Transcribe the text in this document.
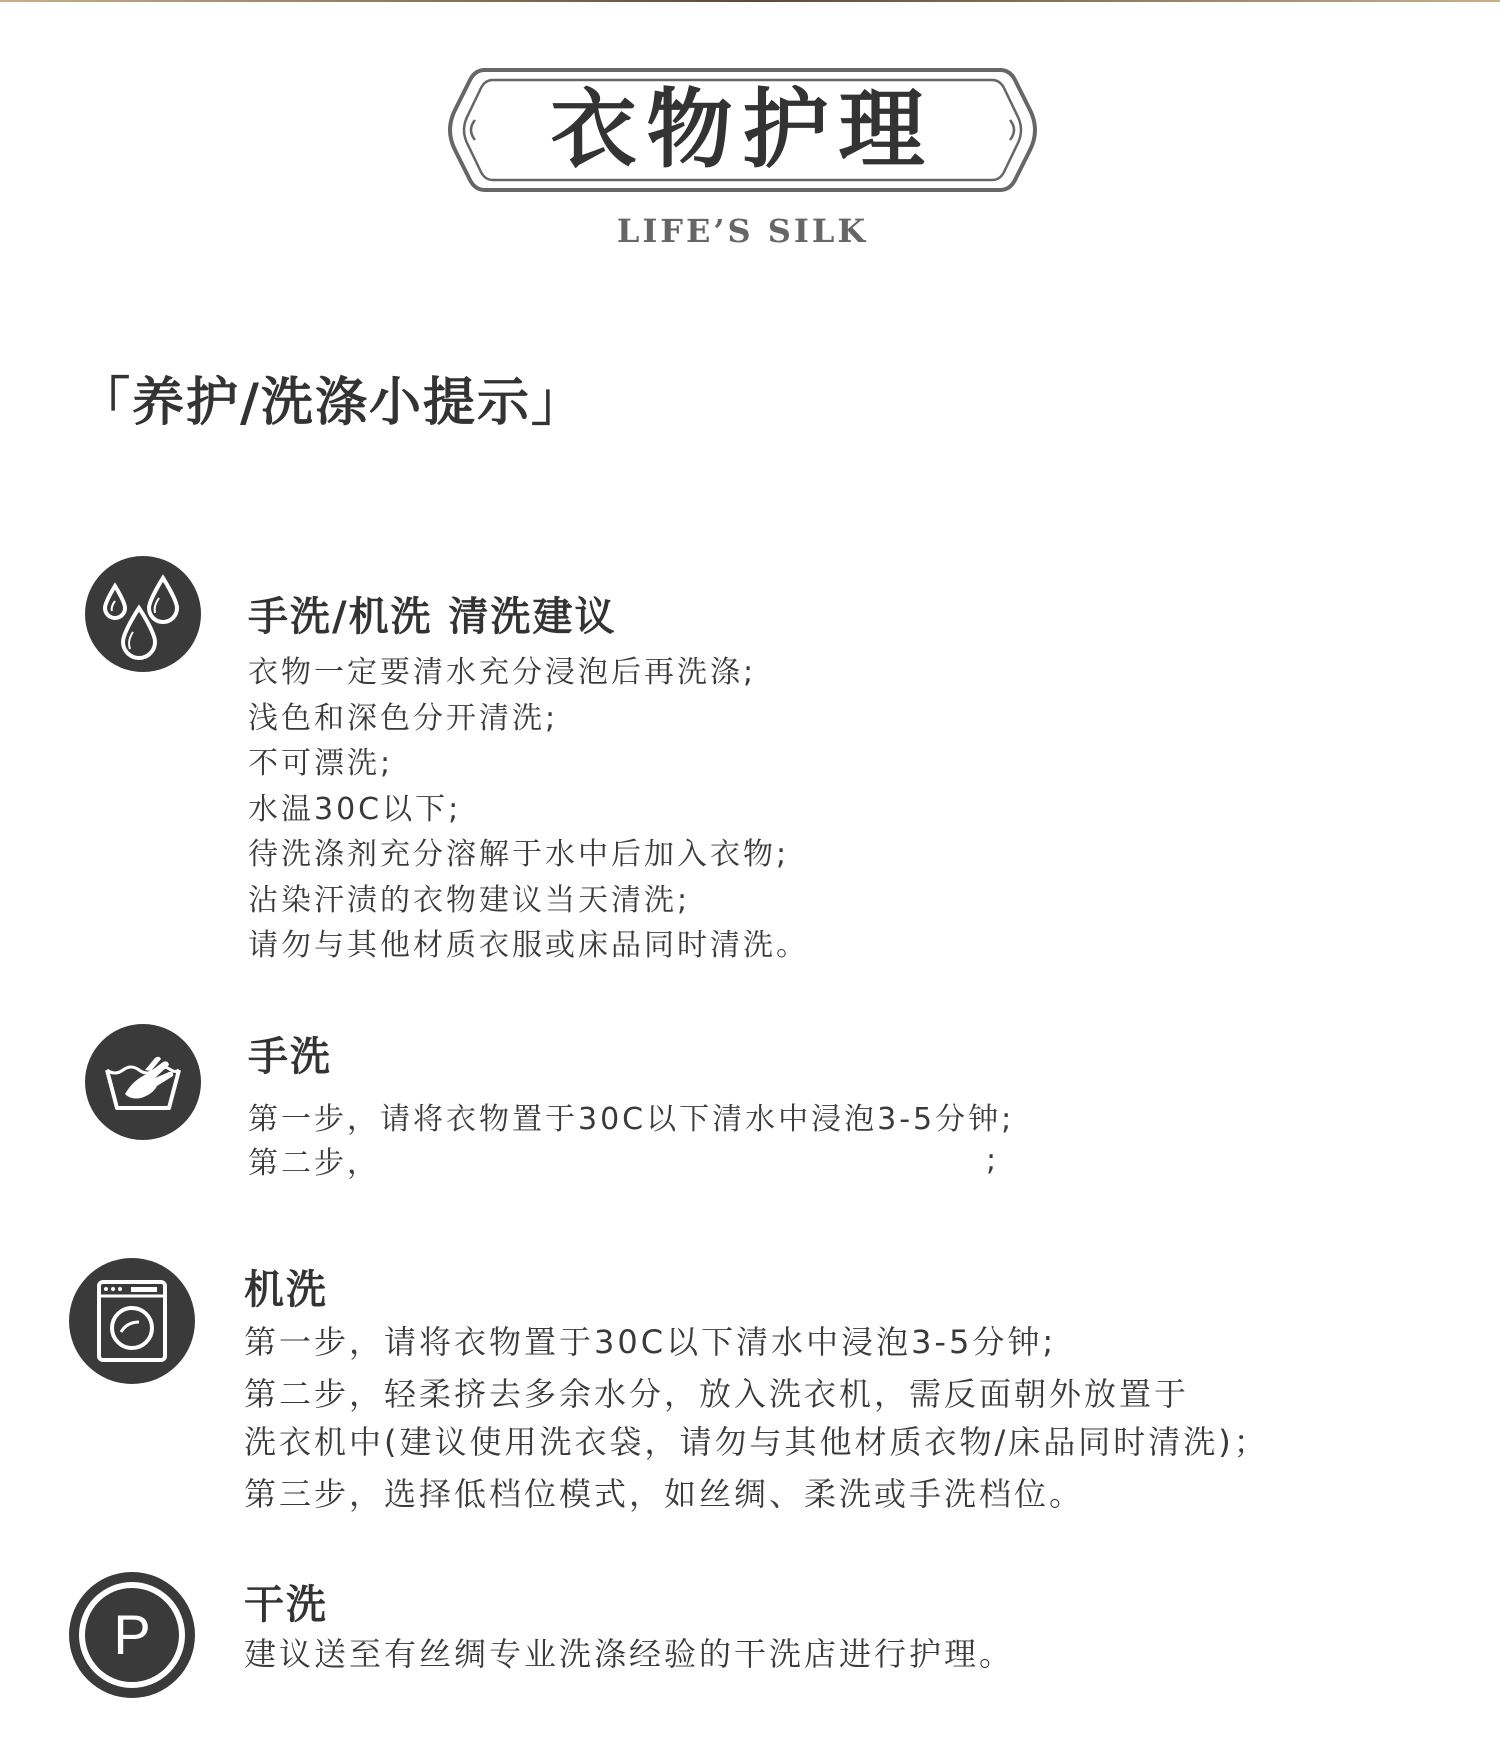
衣物护理
LIFE’S SILK
「养护/洗涤小提示」
手洗/机洗 清洗建议
衣物一定要清水充分浸泡后再洗涤;
浅色和深色分开清洗;
不可漂洗;
水温30C以下;
待洗涤剂充分溶解于水中后加入衣物;
沾染汗渍的衣物建议当天清洗;
请勿与其他材质衣服或床品同时清洗。
手洗
第一步，请将衣物置于30C以下清水中浸泡3-5分钟;
第二步，	;
机洗
第一步，请将衣物置于30C以下清水中浸泡3-5分钟;
第二步，轻柔挤去多余水分，放入洗衣机，需反面朝外放置于
洗衣机中(建议使用洗衣袋，请勿与其他材质衣物/床品同时清洗)；
第三步，选择低档位模式，如丝绸、柔洗或手洗档位。
P 干洗
建议送至有丝绸专业洗涤经验的干洗店进行护理。
